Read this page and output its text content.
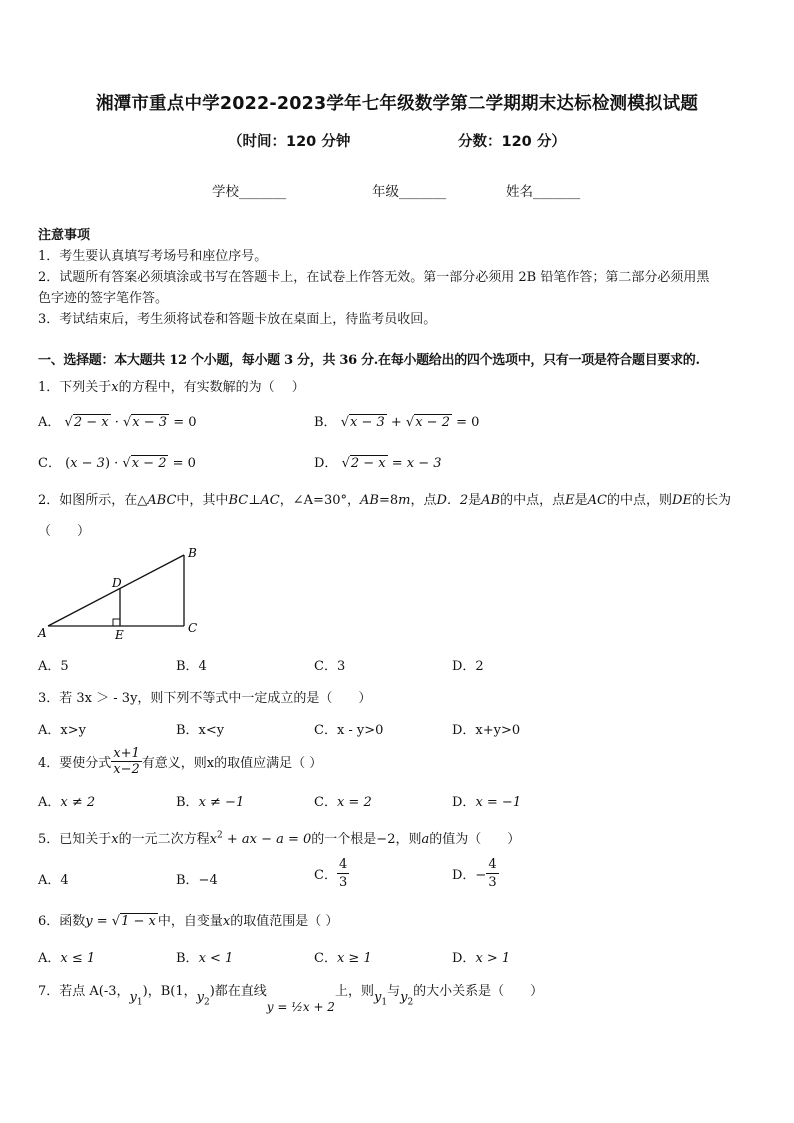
湘潭市重点中学2022-2023学年七年级数学第二学期期末达标检测模拟试题
（时间：120 分钟	分数：120 分）
学校_______	年级_______	姓名_______
注意事项
1．考生要认真填写考场号和座位序号。
2．试题所有答案必须填涂或书写在答题卡上，在试卷上作答无效。第一部分必须用 2B 铅笔作答；第二部分必须用黑
色字迹的签字笔作答。
3．考试结束后，考生须将试卷和答题卡放在桌面上，待监考员收回。
一、选择题：本大题共 12 个小题，每小题 3 分，共 36 分.在每小题给出的四个选项中，只有一项是符合题目要求的.
1．下列关于x的方程中，有实数解的为（　 ）
A． √2 − x · √x − 3 = 0	B． √x − 3 + √x − 2 = 0
C． (x − 3) · √x − 2 = 0	D． √2 − x = x − 3
2．如图所示，在△ABC中，其中BC⊥AC，∠A=30°，AB=8m，点D．2是AB的中点，点E是AC的中点，则DE的长为
（　　）
A
B
C
D
E
A．5	B．4	C．3	D．2
3．若 3x ＞ - 3y，则下列不等式中一定成立的是（　　）
A．x>y	B．x<y	C．x - y>0	D．x+y>0
4．要使分式 $\frac{x+1}{x-2}$ 有意义，则x的取值应满足（ ）
A．x ≠ 2	B．x ≠ −1	C．x = 2	D．x = −1
5．已知关于x的一元二次方程$x^2$ + ax − a = 0的一个根是−2，则a的值为（　　）
A．4	B．−4	C． $\frac{4}{3}$	D．− $\frac{4}{3}$
6．函数y = √1 − x 中，自变量x的取值范围是（ ）
A．x ≤ 1	B．x < 1	C．x ≥ 1	D．x > 1
7．若点 A(-3，$y_1$)，B(1，$y_2$)都在直线y = ½x + 2上，则$y_1$与$y_2$的大小关系是（　　）
